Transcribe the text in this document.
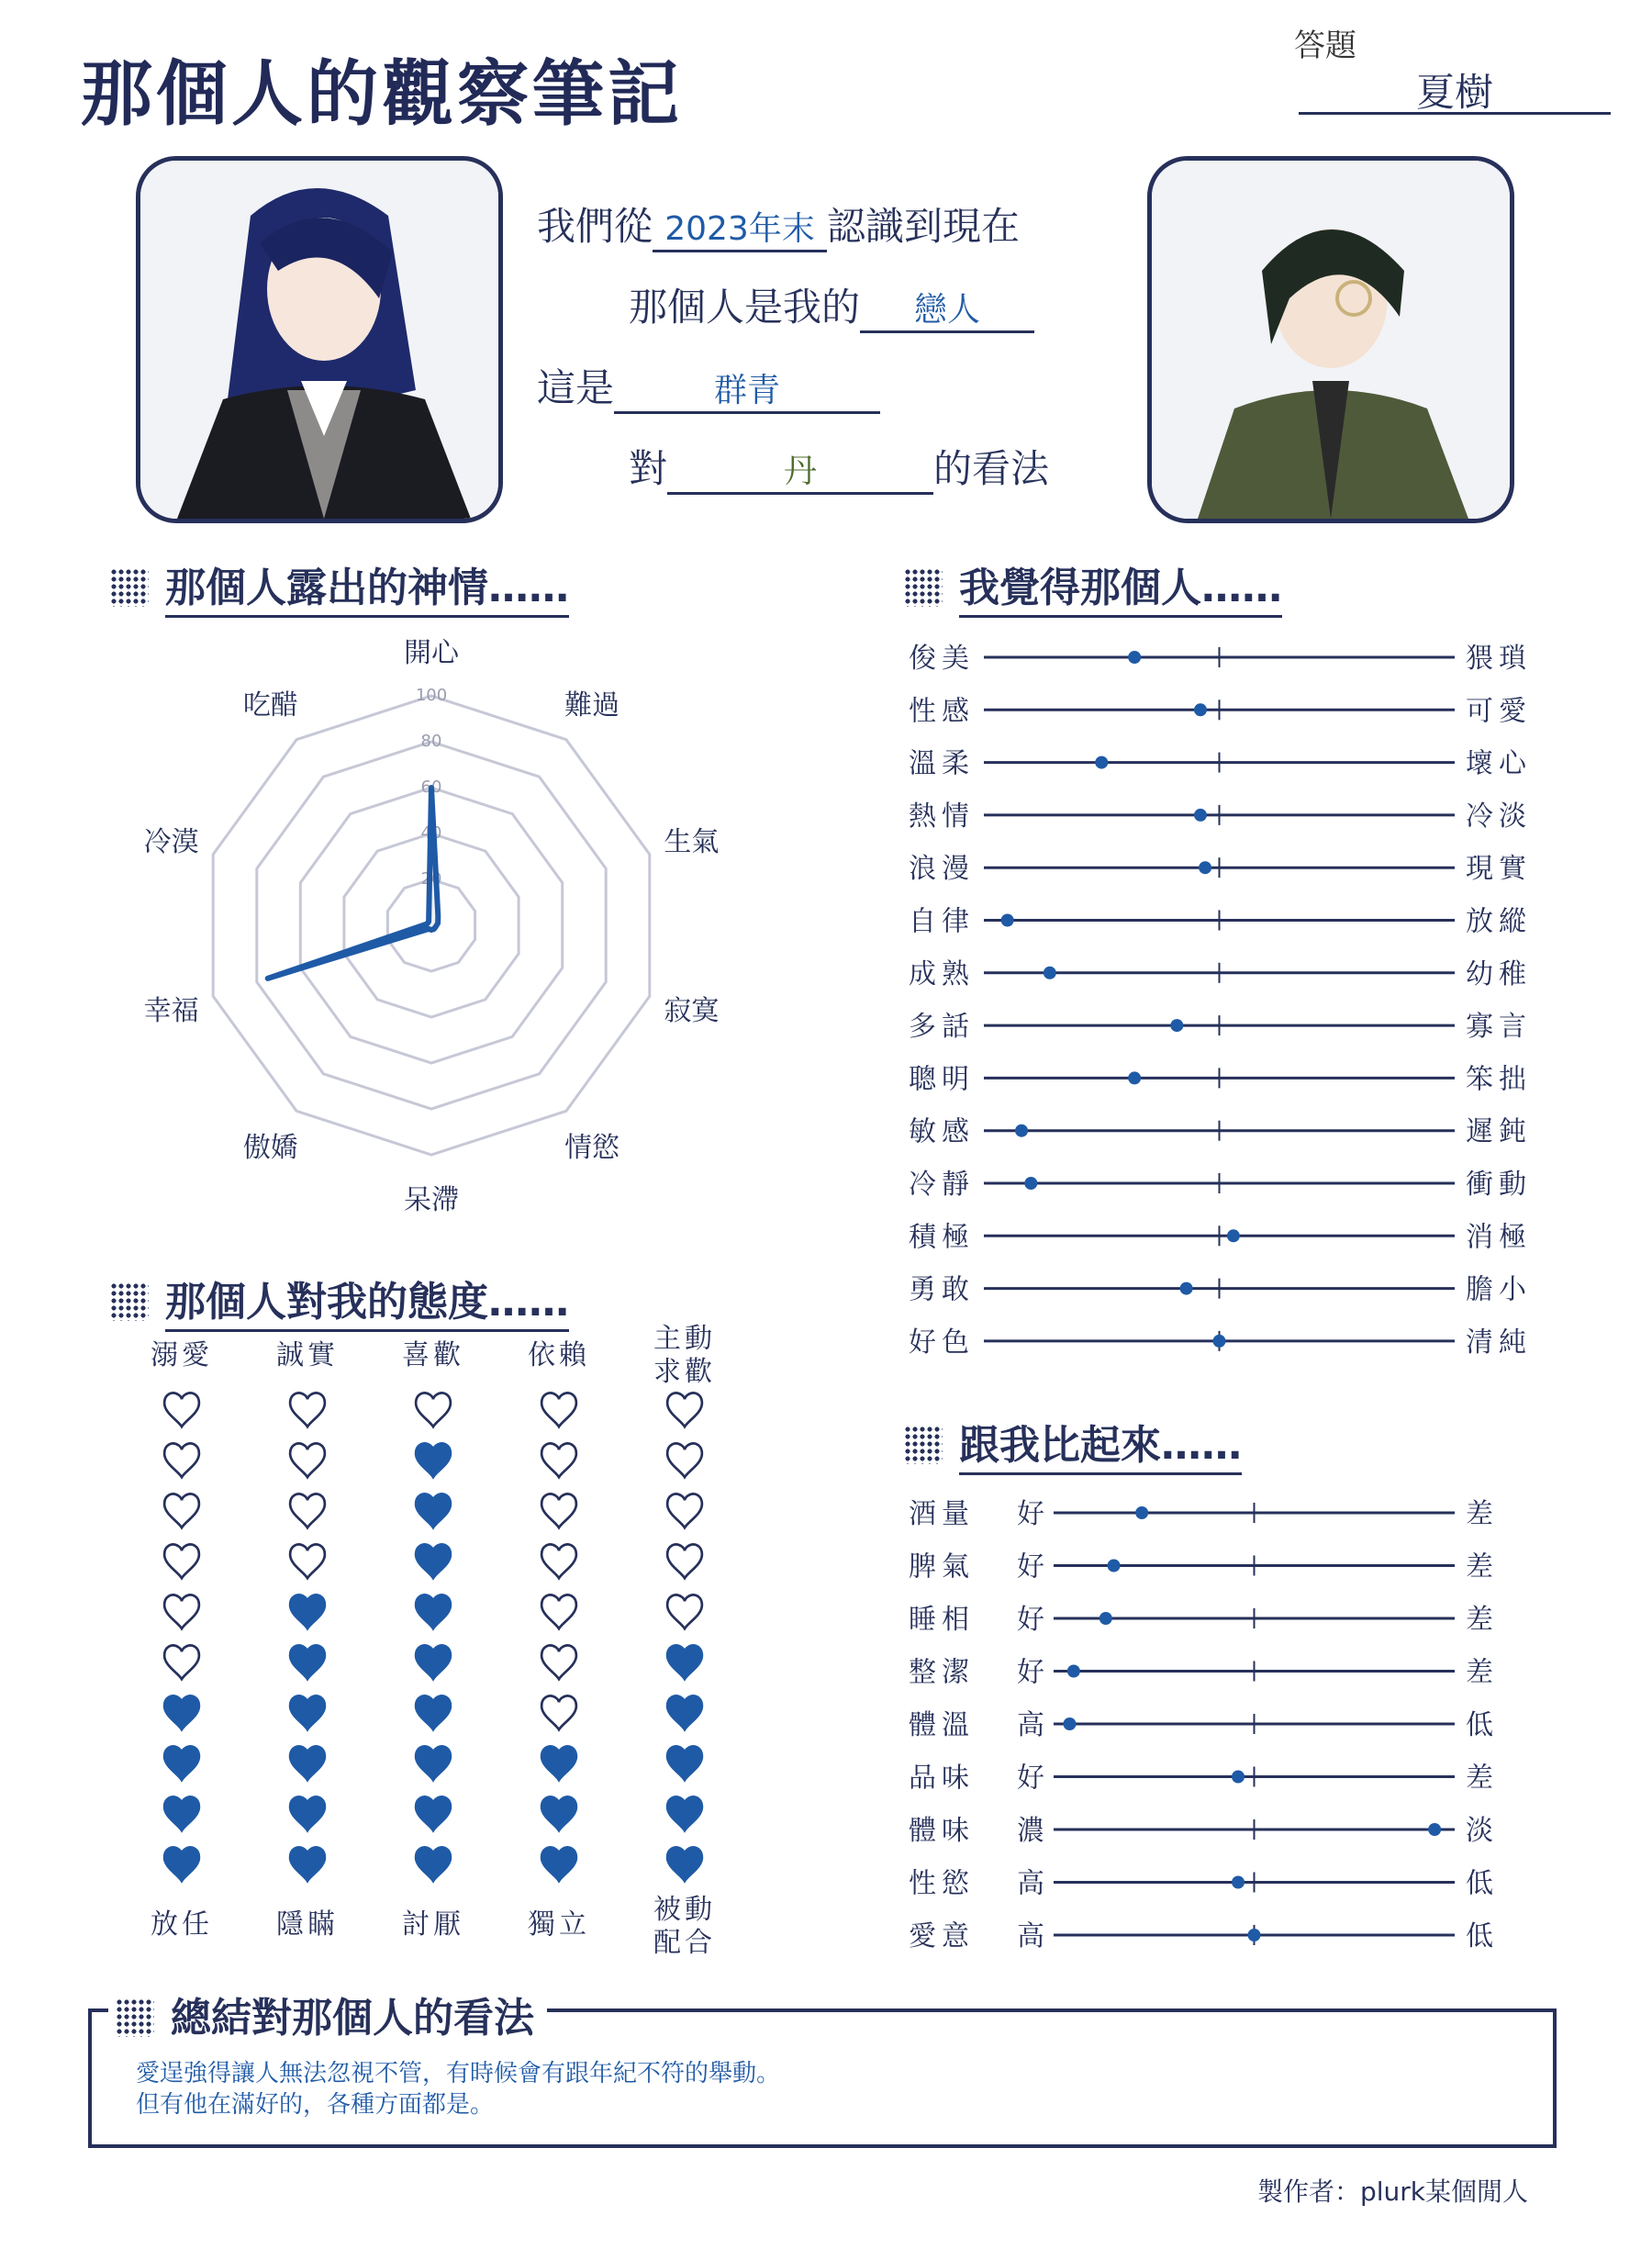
那個人的觀察筆記
答題
夏樹
我們從 2023年末 認識到現在
那個人是我的 戀人
這是	群青
對	丹	的看法
那個人露出的神情……
20
40
60
80
100
開心
難過
生氣
寂寞
情慾
呆滯
傲嬌
幸福
冷漠
吃醋
那個人對我的態度……
溺愛
放任
誠實
隱瞞
喜歡
討厭
依賴
獨立
主動
求歡
被動
配合
我覺得那個人……
俊美	猥瑣
性感	可愛
溫柔	壞心
熱情	冷淡
浪漫	現實
自律	放縱
成熟	幼稚
多話	寡言
聰明	笨拙
敏感	遲鈍
冷靜	衝動
積極	消極
勇敢	膽小
好色	清純
跟我比起來……
酒量 好	差
脾氣 好	差
睡相 好	差
整潔 好	差
體溫 高	低
品味 好	差
體味 濃	淡
性慾 高	低
愛意 高	低
總結對那個人的看法
愛逞強得讓人無法忽視不管，有時候會有跟年紀不符的舉動。
但有他在滿好的，各種方面都是。
製作者：plurk某個閒人
